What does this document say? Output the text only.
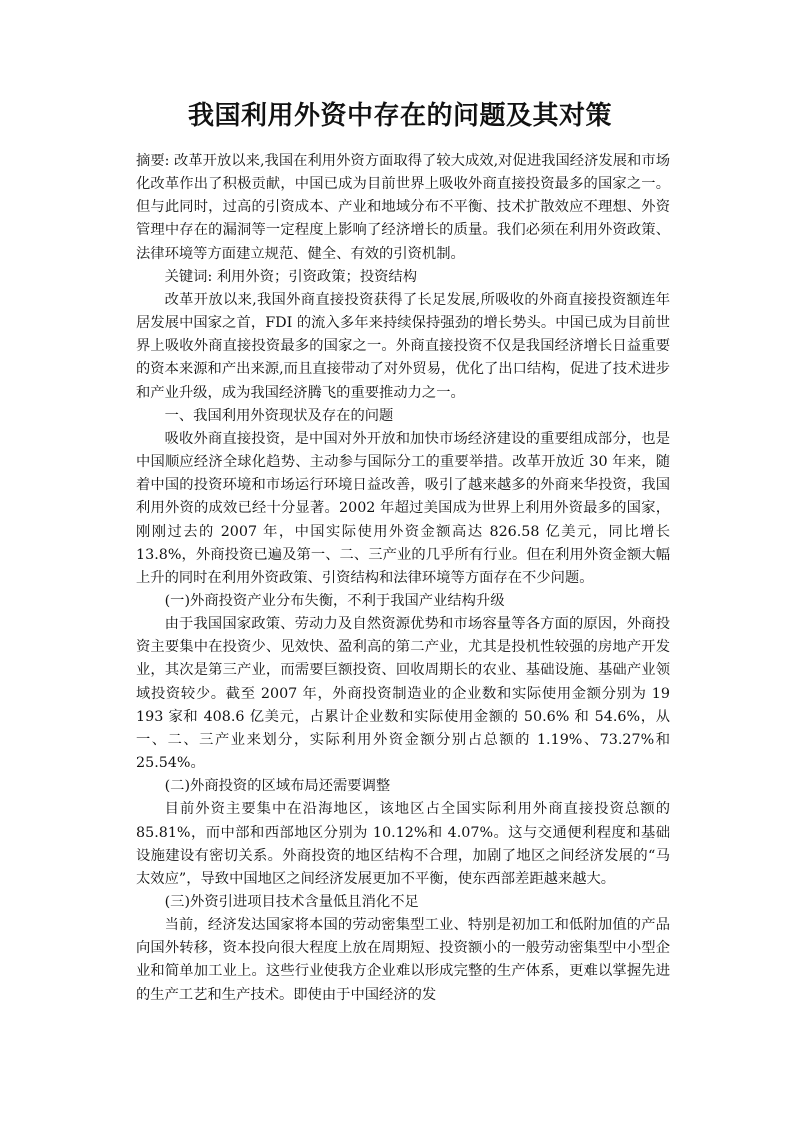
我国利用外资中存在的问题及其对策

摘要: 改革开放以来,我国在利用外资方面取得了较大成效,对促进我国经济发展和市场化改革作出了积极贡献，中国已成为目前世界上吸收外商直接投资最多的国家之一。但与此同时，过高的引资成本、产业和地域分布不平衡、技术扩散效应不理想、外资管理中存在的漏洞等一定程度上影响了经济增长的质量。我们必须在利用外资政策、法律环境等方面建立规范、健全、有效的引资机制。

关键词: 利用外资；引资政策；投资结构

改革开放以来,我国外商直接投资获得了长足发展,所吸收的外商直接投资额连年居发展中国家之首，FDI 的流入多年来持续保持强劲的增长势头。中国已成为目前世界上吸收外商直接投资最多的国家之一。外商直接投资不仅是我国经济增长日益重要的资本来源和产出来源,而且直接带动了对外贸易，优化了出口结构，促进了技术进步和产业升级，成为我国经济腾飞的重要推动力之一。

一、我国利用外资现状及存在的问题

吸收外商直接投资，是中国对外开放和加快市场经济建设的重要组成部分，也是中国顺应经济全球化趋势、主动参与国际分工的重要举措。改革开放近 30 年来，随着中国的投资环境和市场运行环境日益改善，吸引了越来越多的外商来华投资，我国利用外资的成效已经十分显著。2002 年超过美国成为世界上利用外资最多的国家，刚刚过去的 2007 年，中国实际使用外资金额高达 826.58 亿美元，同比增长 13.8%，外商投资已遍及第一、二、三产业的几乎所有行业。但在利用外资金额大幅上升的同时在利用外资政策、引资结构和法律环境等方面存在不少问题。

(一)外商投资产业分布失衡，不利于我国产业结构升级

由于我国国家政策、劳动力及自然资源优势和市场容量等各方面的原因，外商投资主要集中在投资少、见效快、盈利高的第二产业，尤其是投机性较强的房地产开发业，其次是第三产业，而需要巨额投资、回收周期长的农业、基础设施、基础产业领域投资较少。截至 2007 年，外商投资制造业的企业数和实际使用金额分别为 19 193 家和 408.6 亿美元，占累计企业数和实际使用金额的 50.6% 和 54.6%，从一、二、三产业来划分，实际利用外资金额分别占总额的 1.19%、73.27%和 25.54%。

(二)外商投资的区域布局还需要调整

目前外资主要集中在沿海地区，该地区占全国实际利用外商直接投资总额的 85.81%，而中部和西部地区分别为 10.12%和 4.07%。这与交通便利程度和基础设施建设有密切关系。外商投资的地区结构不合理，加剧了地区之间经济发展的“马太效应”，导致中国地区之间经济发展更加不平衡，使东西部差距越来越大。

(三)外资引进项目技术含量低且消化不足

当前，经济发达国家将本国的劳动密集型工业、特别是初加工和低附加值的产品向国外转移，资本投向很大程度上放在周期短、投资额小的一般劳动密集型中小型企业和简单加工业上。这些行业使我方企业难以形成完整的生产体系，更难以掌握先进的生产工艺和生产技术。即使由于中国经济的发
